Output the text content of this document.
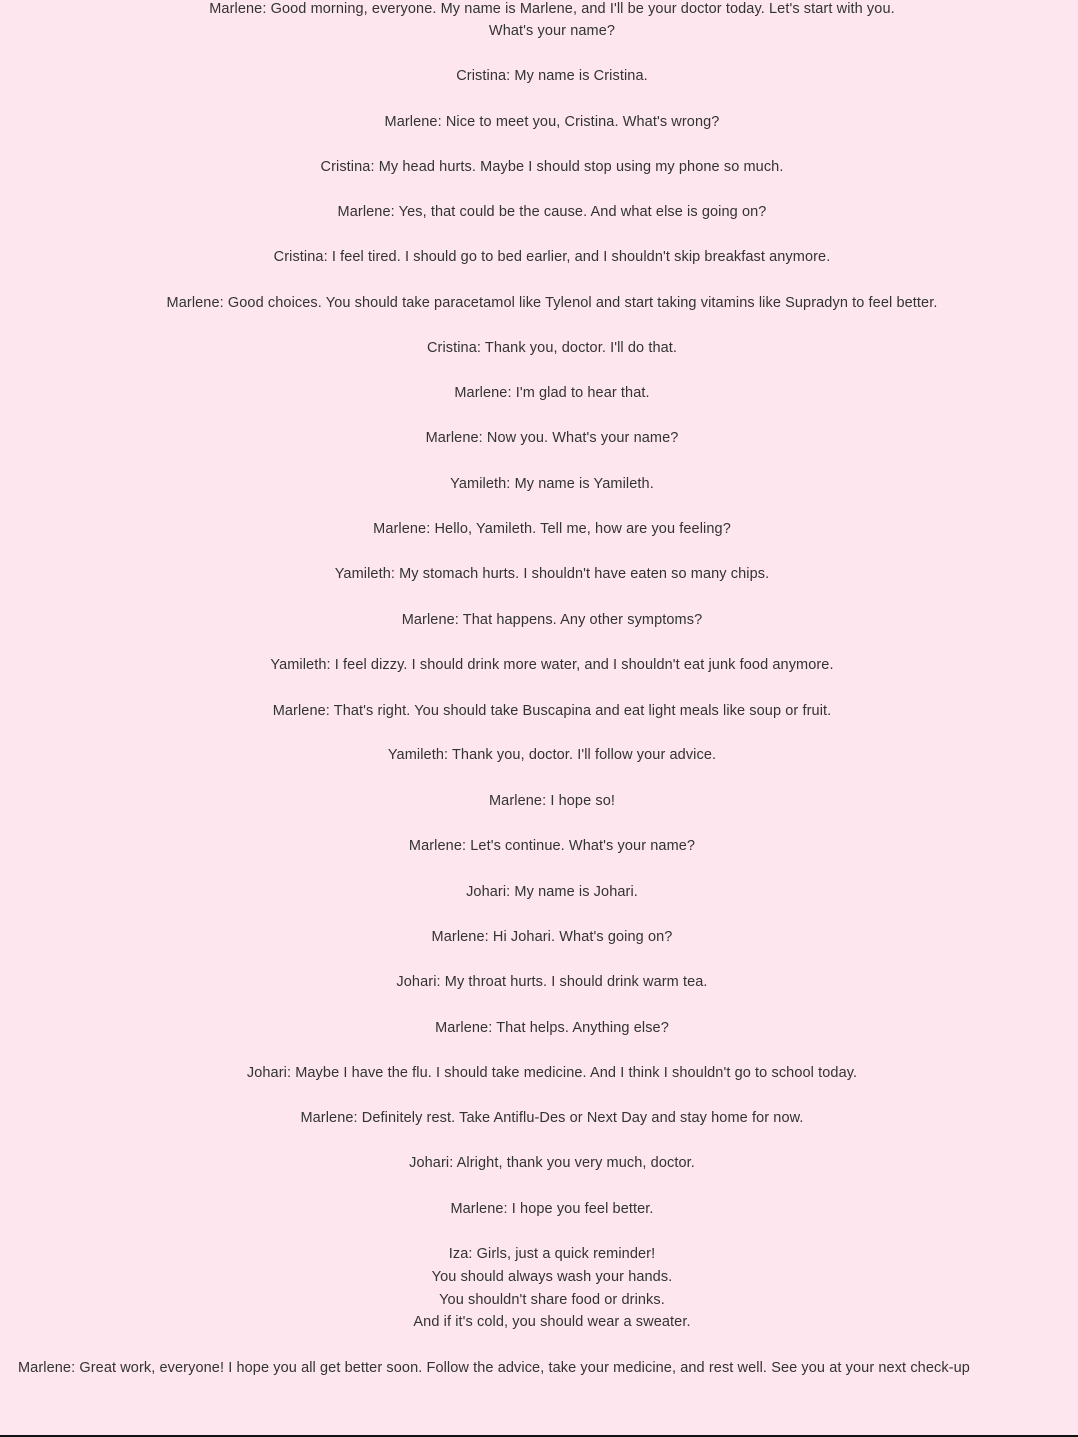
Marlene: Good morning, everyone. My name is Marlene, and I'll be your doctor today. Let's start with you.
What's your name?
Cristina: My name is Cristina.
Marlene: Nice to meet you, Cristina. What's wrong?
Cristina: My head hurts. Maybe I should stop using my phone so much.
Marlene: Yes, that could be the cause. And what else is going on?
Cristina: I feel tired. I should go to bed earlier, and I shouldn't skip breakfast anymore.
Marlene: Good choices. You should take paracetamol like Tylenol and start taking vitamins like Supradyn to feel better.
Cristina: Thank you, doctor. I'll do that.
Marlene: I'm glad to hear that.
Marlene: Now you. What's your name?
Yamileth: My name is Yamileth.
Marlene: Hello, Yamileth. Tell me, how are you feeling?
Yamileth: My stomach hurts. I shouldn't have eaten so many chips.
Marlene: That happens. Any other symptoms?
Yamileth: I feel dizzy. I should drink more water, and I shouldn't eat junk food anymore.
Marlene: That's right. You should take Buscapina and eat light meals like soup or fruit.
Yamileth: Thank you, doctor. I'll follow your advice.
Marlene: I hope so!
Marlene: Let's continue. What's your name?
Johari: My name is Johari.
Marlene: Hi Johari. What's going on?
Johari: My throat hurts. I should drink warm tea.
Marlene: That helps. Anything else?
Johari: Maybe I have the flu. I should take medicine. And I think I shouldn't go to school today.
Marlene: Definitely rest. Take Antiflu-Des or Next Day and stay home for now.
Johari: Alright, thank you very much, doctor.
Marlene: I hope you feel better.
Iza: Girls, just a quick reminder!
You should always wash your hands.
You shouldn't share food or drinks.
And if it's cold, you should wear a sweater.
Marlene: Great work, everyone! I hope you all get better soon. Follow the advice, take your medicine, and rest well. See you at your next check-up
